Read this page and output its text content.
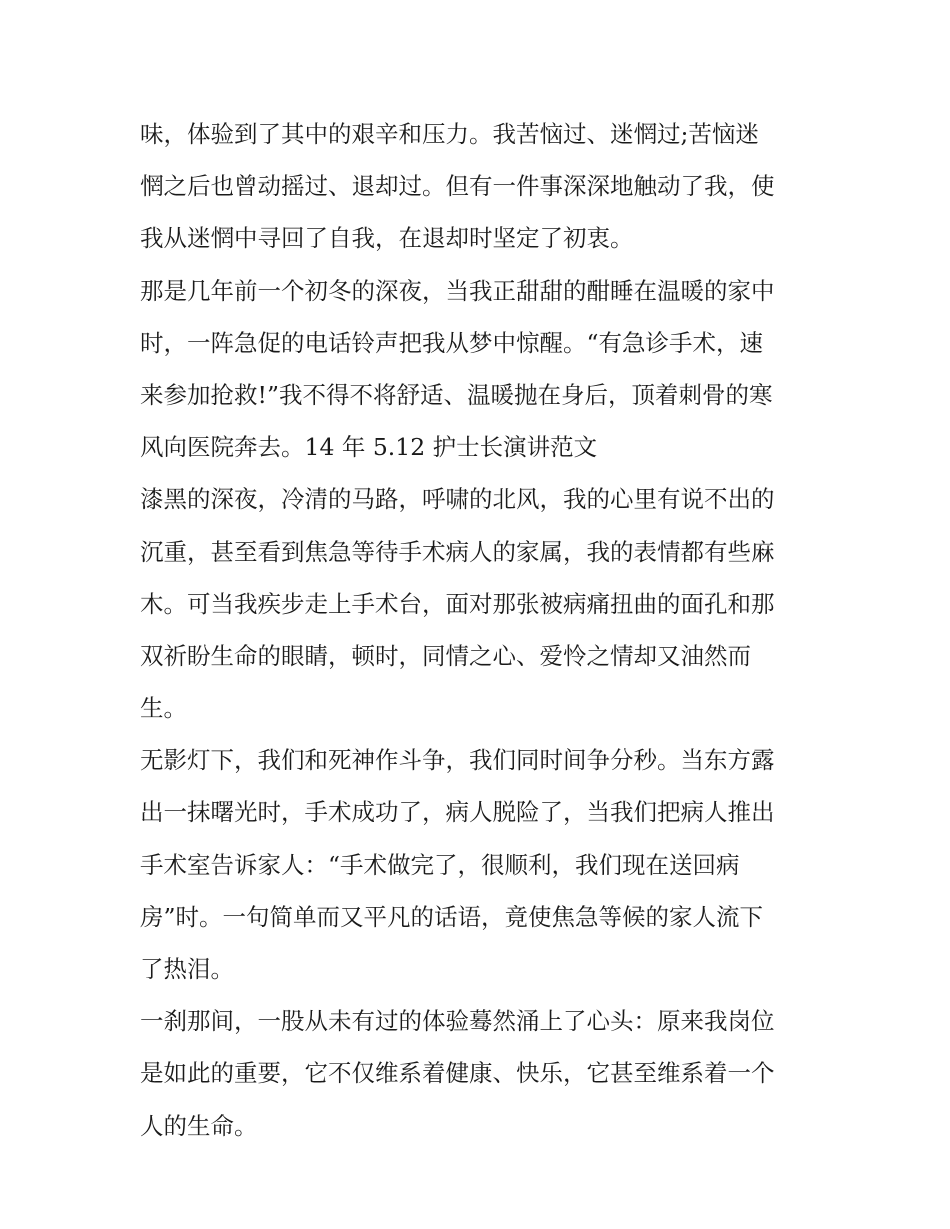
味，体验到了其中的艰辛和压力。我苦恼过、迷惘过;苦恼迷
惘之后也曾动摇过、退却过。但有一件事深深地触动了我，使
我从迷惘中寻回了自我，在退却时坚定了初衷。
那是几年前一个初冬的深夜，当我正甜甜的酣睡在温暖的家中
时，一阵急促的电话铃声把我从梦中惊醒。“有急诊手术，速
来参加抢救!”我不得不将舒适、温暖抛在身后，顶着刺骨的寒
风向医院奔去。14 年 5.12 护士长演讲范文
漆黑的深夜，冷清的马路，呼啸的北风，我的心里有说不出的
沉重，甚至看到焦急等待手术病人的家属，我的表情都有些麻
木。可当我疾步走上手术台，面对那张被病痛扭曲的面孔和那
双祈盼生命的眼睛，顿时，同情之心、爱怜之情却又油然而
生。
无影灯下，我们和死神作斗争，我们同时间争分秒。当东方露
出一抹曙光时，手术成功了，病人脱险了，当我们把病人推出
手术室告诉家人：“手术做完了，很顺利，我们现在送回病
房”时。一句简单而又平凡的话语，竟使焦急等候的家人流下
了热泪。
一刹那间，一股从未有过的体验蓦然涌上了心头：原来我岗位
是如此的重要，它不仅维系着健康、快乐，它甚至维系着一个
人的生命。
